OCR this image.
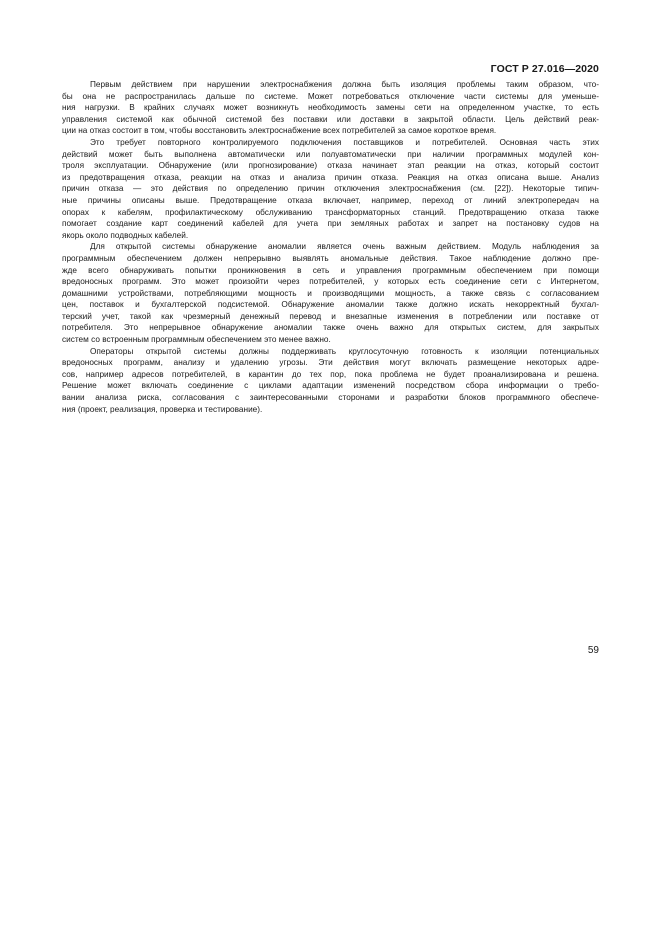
ГОСТ Р 27.016—2020
Первым действием при нарушении электроснабжения должна быть изоляция проблемы таким образом, что-
бы она не распространилась дальше по системе. Может потребоваться отключение части системы для уменьше-
ния нагрузки. В крайних случаях может возникнуть необходимость замены сети на определенном участке, то есть
управления системой как обычной системой без поставки или доставки в закрытой области. Цель действий реак-
ции на отказ состоит в том, чтобы восстановить электроснабжение всех потребителей за самое короткое время.
Это требует повторного контролируемого подключения поставщиков и потребителей. Основная часть этих
действий может быть выполнена автоматически или полуавтоматически при наличии программных модулей кон-
троля эксплуатации. Обнаружение (или прогнозирование) отказа начинает этап реакции на отказ, который состоит
из предотвращения отказа, реакции на отказ и анализа причин отказа. Реакция на отказ описана выше. Анализ
причин отказа — это действия по определению причин отключения электроснабжения (см. [22]). Некоторые типич-
ные причины описаны выше. Предотвращение отказа включает, например, переход от линий электропередач на
опорах к кабелям, профилактическому обслуживанию трансформаторных станций. Предотвращению отказа также
помогает создание карт соединений кабелей для учета при земляных работах и запрет на постановку судов на
якорь около подводных кабелей.
Для открытой системы обнаружение аномалии является очень важным действием. Модуль наблюдения за
программным обеспечением должен непрерывно выявлять аномальные действия. Такое наблюдение должно пре-
жде всего обнаруживать попытки проникновения в сеть и управления программным обеспечением при помощи
вредоносных программ. Это может произойти через потребителей, у которых есть соединение сети с Интернетом,
домашними устройствами, потребляющими мощность и производящими мощность, а также связь с согласованием
цен, поставок и бухгалтерской подсистемой. Обнаружение аномалии также должно искать некорректный бухгал-
терский учет, такой как чрезмерный денежный перевод и внезапные изменения в потреблении или поставке от
потребителя. Это непрерывное обнаружение аномалии также очень важно для открытых систем, для закрытых
систем со встроенным программным обеспечением это менее важно.
Операторы открытой системы должны поддерживать круглосуточную готовность к изоляции потенциальных
вредоносных программ, анализу и удалению угрозы. Эти действия могут включать размещение некоторых адре-
сов, например адресов потребителей, в карантин до тех пор, пока проблема не будет проанализирована и решена.
Решение может включать соединение с циклами адаптации изменений посредством сбора информации о требо-
вании анализа риска, согласования с заинтересованными сторонами и разработки блоков программного обеспече-
ния (проект, реализация, проверка и тестирование).
59
